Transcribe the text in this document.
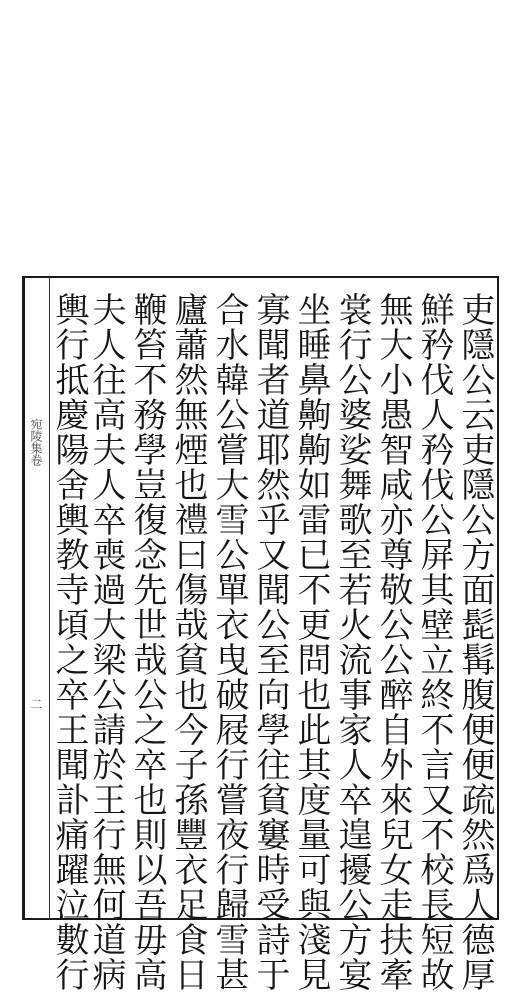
宛陵集卷
二	吏隱公云吏隱公方面髭髯腹便便疏然爲人德厚
鮮矜伐人矜伐公屏其壁立終不言又不校長短故
無大小愚智咸亦尊敬公公醉自外來兒女走扶牽
裳行公婆娑舞歌至若火流事家人卒遑擾公方宴
坐睡鼻齁齁如雷已不更問也此其度量可與淺見
寡聞者道耶然乎又聞公至向學往貧窶時受詩于
合水韓公嘗大雪公單衣曳破屐行嘗夜行歸雪甚
廬蕭然無煙也禮曰傷哉貧也今子孫豐衣足食日
鞭笞不務學豈復念先世哉公之卒也則以吾毋高
夫人往高夫人卒喪過大梁公請於王行無何道病
輿行抵慶陽舍輿教寺頃之卒王聞訃痛躍泣數行
